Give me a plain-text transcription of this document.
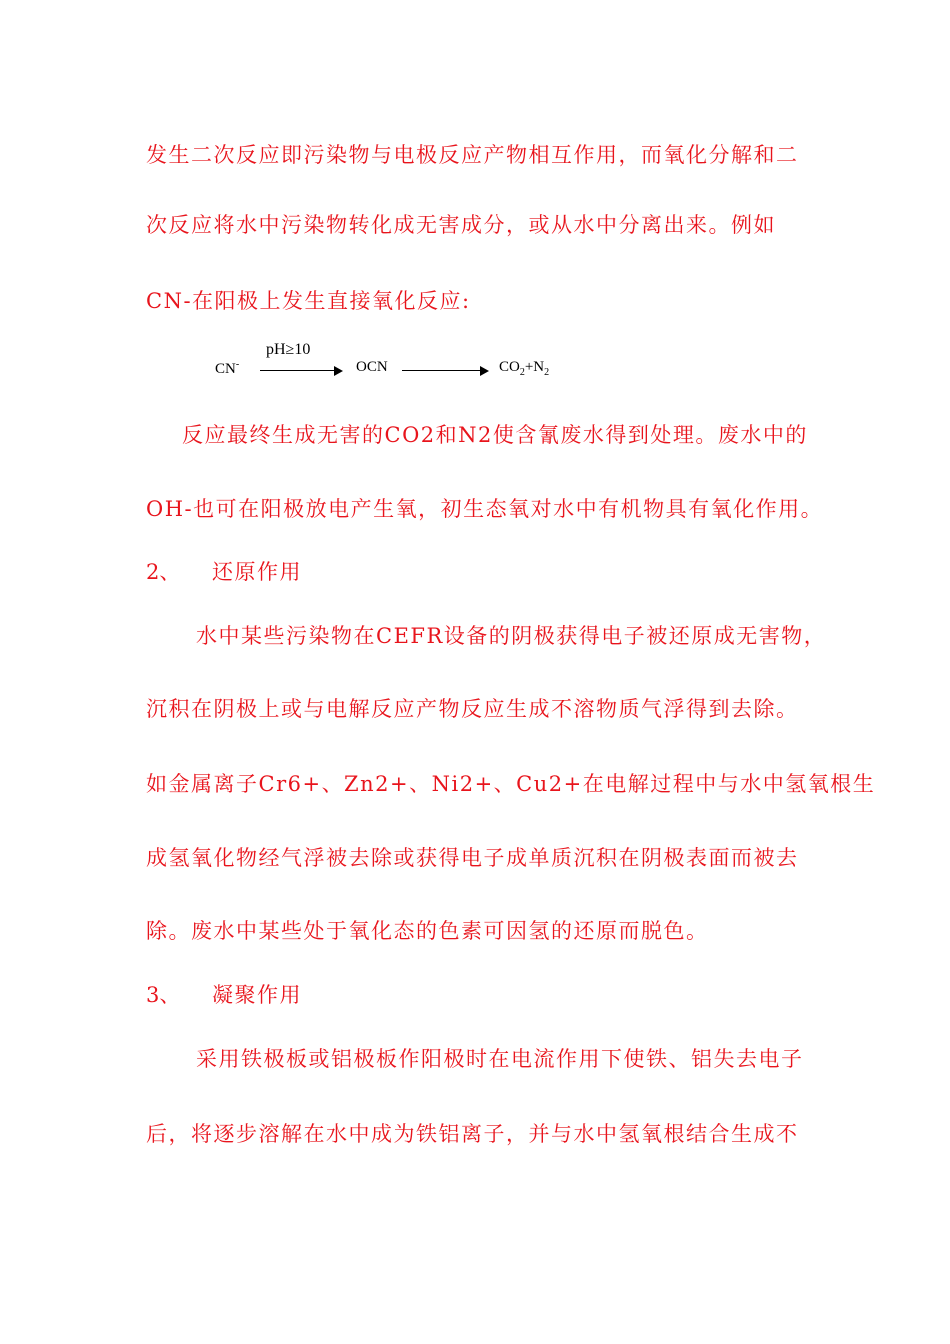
发生二次反应即污染物与电极反应产物相互作用，而氧化分解和二
次反应将水中污染物转化成无害成分，或从水中分离出来。例如
CN-在阳极上发生直接氧化反应:
CN-
pH≥10
OCN	$CO_2+N_2$
反应最终生成无害的CO2和N2使含氰废水得到处理。废水中的
OH-也可在阳极放电产生氧，初生态氧对水中有机物具有氧化作用。
2、 还原作用
水中某些污染物在CEFR设备的阴极获得电子被还原成无害物，
沉积在阴极上或与电解反应产物反应生成不溶物质气浮得到去除。
如金属离子Cr6+、Zn2+、Ni2+、Cu2+在电解过程中与水中氢氧根生
成氢氧化物经气浮被去除或获得电子成单质沉积在阴极表面而被去
除。废水中某些处于氧化态的色素可因氢的还原而脱色。
3、 凝聚作用
采用铁极板或铝极板作阳极时在电流作用下使铁、铝失去电子
后，将逐步溶解在水中成为铁铝离子，并与水中氢氧根结合生成不
